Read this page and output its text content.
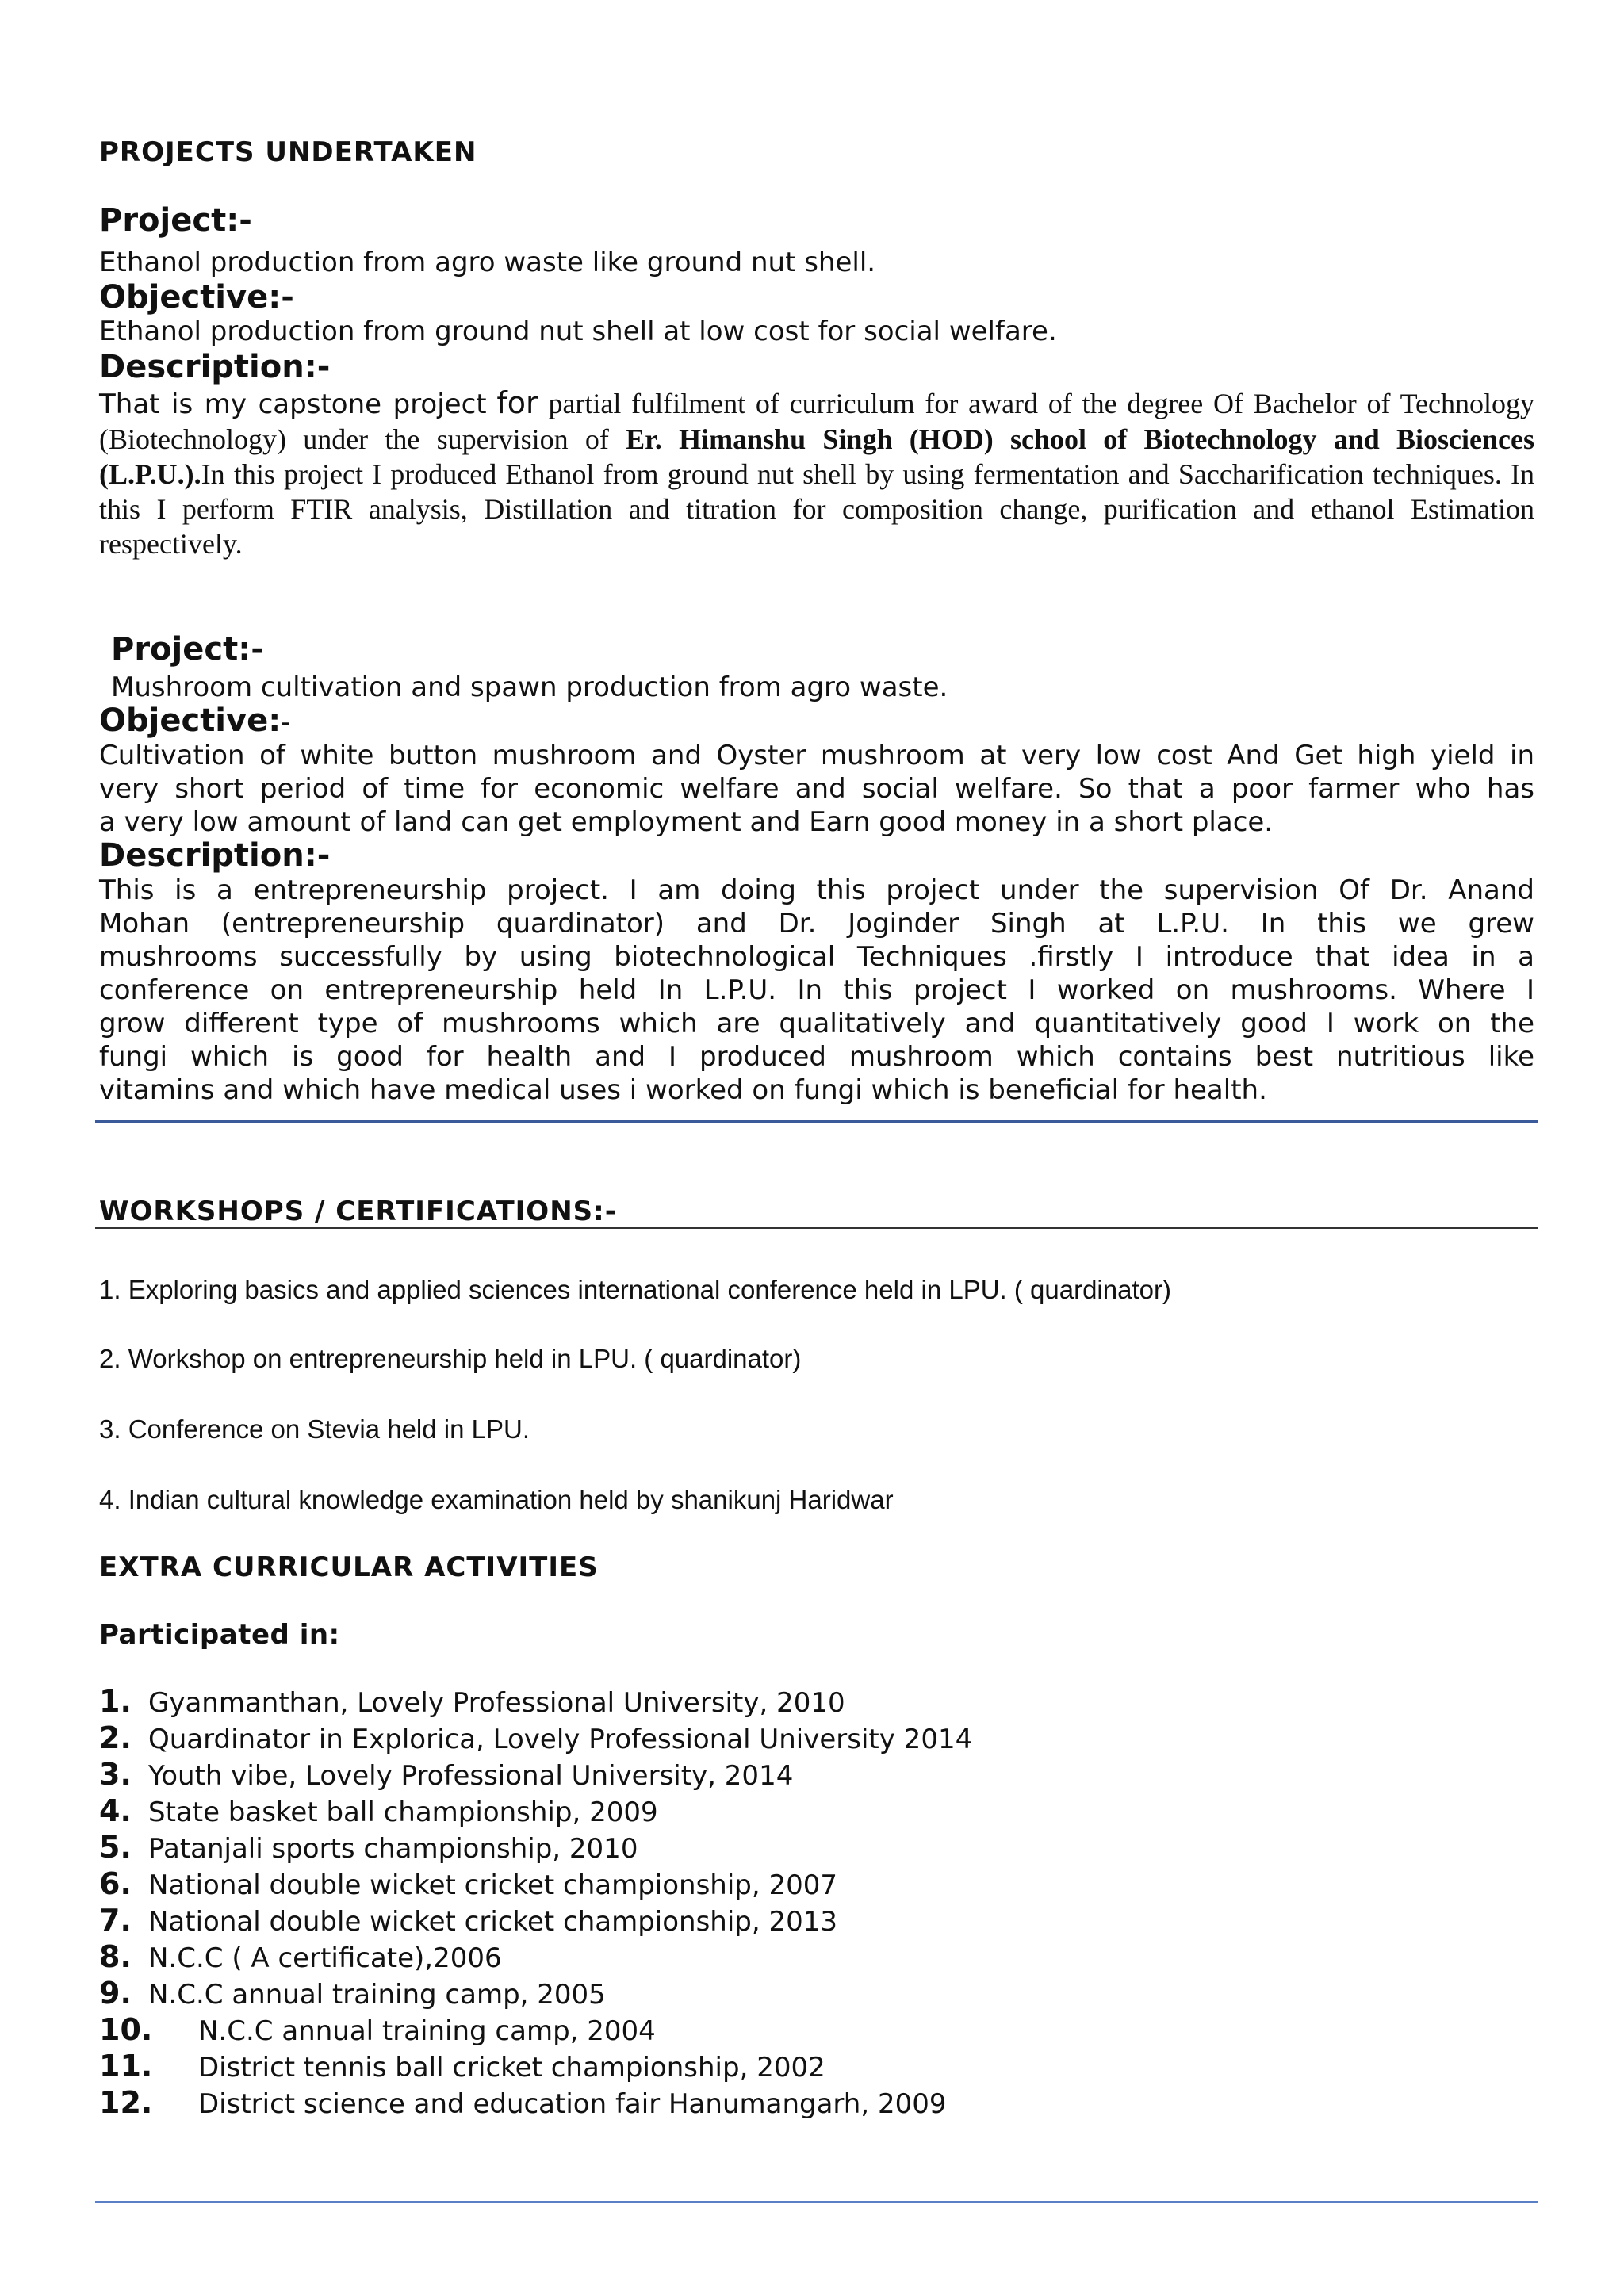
PROJECTS UNDERTAKEN
Project:-
Ethanol production from agro waste like ground nut shell.
Objective:-
Ethanol production from ground nut shell at low cost for social welfare.
Description:-
That is my capstone project for partial fulfilment of curriculum for award of the degree Of Bachelor of Technology (Biotechnology) under the supervision of Er. Himanshu Singh (HOD) school of Biotechnology and Biosciences (L.P.U.).In this project I produced Ethanol from ground nut shell by using fermentation and Saccharification techniques. In this I perform FTIR analysis, Distillation and titration for composition change, purification and ethanol Estimation respectively.
Project:-
Mushroom cultivation and spawn production from agro waste.
Objective:-
Cultivation of white button mushroom and Oyster mushroom at very low cost And Get high yield in
very short period of time for economic welfare and social welfare. So that a poor farmer who has
a very low amount of land can get employment and Earn good money in a short place.
Description:-
This is a entrepreneurship project. I am doing this project under the supervision Of Dr. Anand
Mohan (entrepreneurship quardinator) and Dr. Joginder Singh at L.P.U. In this we grew
mushrooms successfully by using biotechnological Techniques .firstly I introduce that idea in a
conference on entrepreneurship held In L.P.U. In this project I worked on mushrooms. Where I
grow different type of mushrooms which are qualitatively and quantitatively good I work on the
fungi which is good for health and I produced mushroom which contains best nutritious like
vitamins and which have medical uses i worked on fungi which is beneficial for health.
WORKSHOPS / CERTIFICATIONS:-
1. Exploring basics and applied sciences international conference held in LPU. ( quardinator)
2. Workshop on entrepreneurship held in LPU. ( quardinator)
3. Conference on Stevia held in LPU.
4. Indian cultural knowledge examination held by shanikunj Haridwar
EXTRA CURRICULAR ACTIVITIES
Participated in:
1. Gyanmanthan, Lovely Professional University, 2010
2. Quardinator in Explorica, Lovely Professional University 2014
3. Youth vibe, Lovely Professional University, 2014
4. State basket ball championship, 2009
5. Patanjali sports championship, 2010
6. National double wicket cricket championship, 2007
7. National double wicket cricket championship, 2013
8. N.C.C ( A certificate),2006
9. N.C.C annual training camp, 2005
10. N.C.C annual training camp, 2004
11. District tennis ball cricket championship, 2002
12. District science and education fair Hanumangarh, 2009
